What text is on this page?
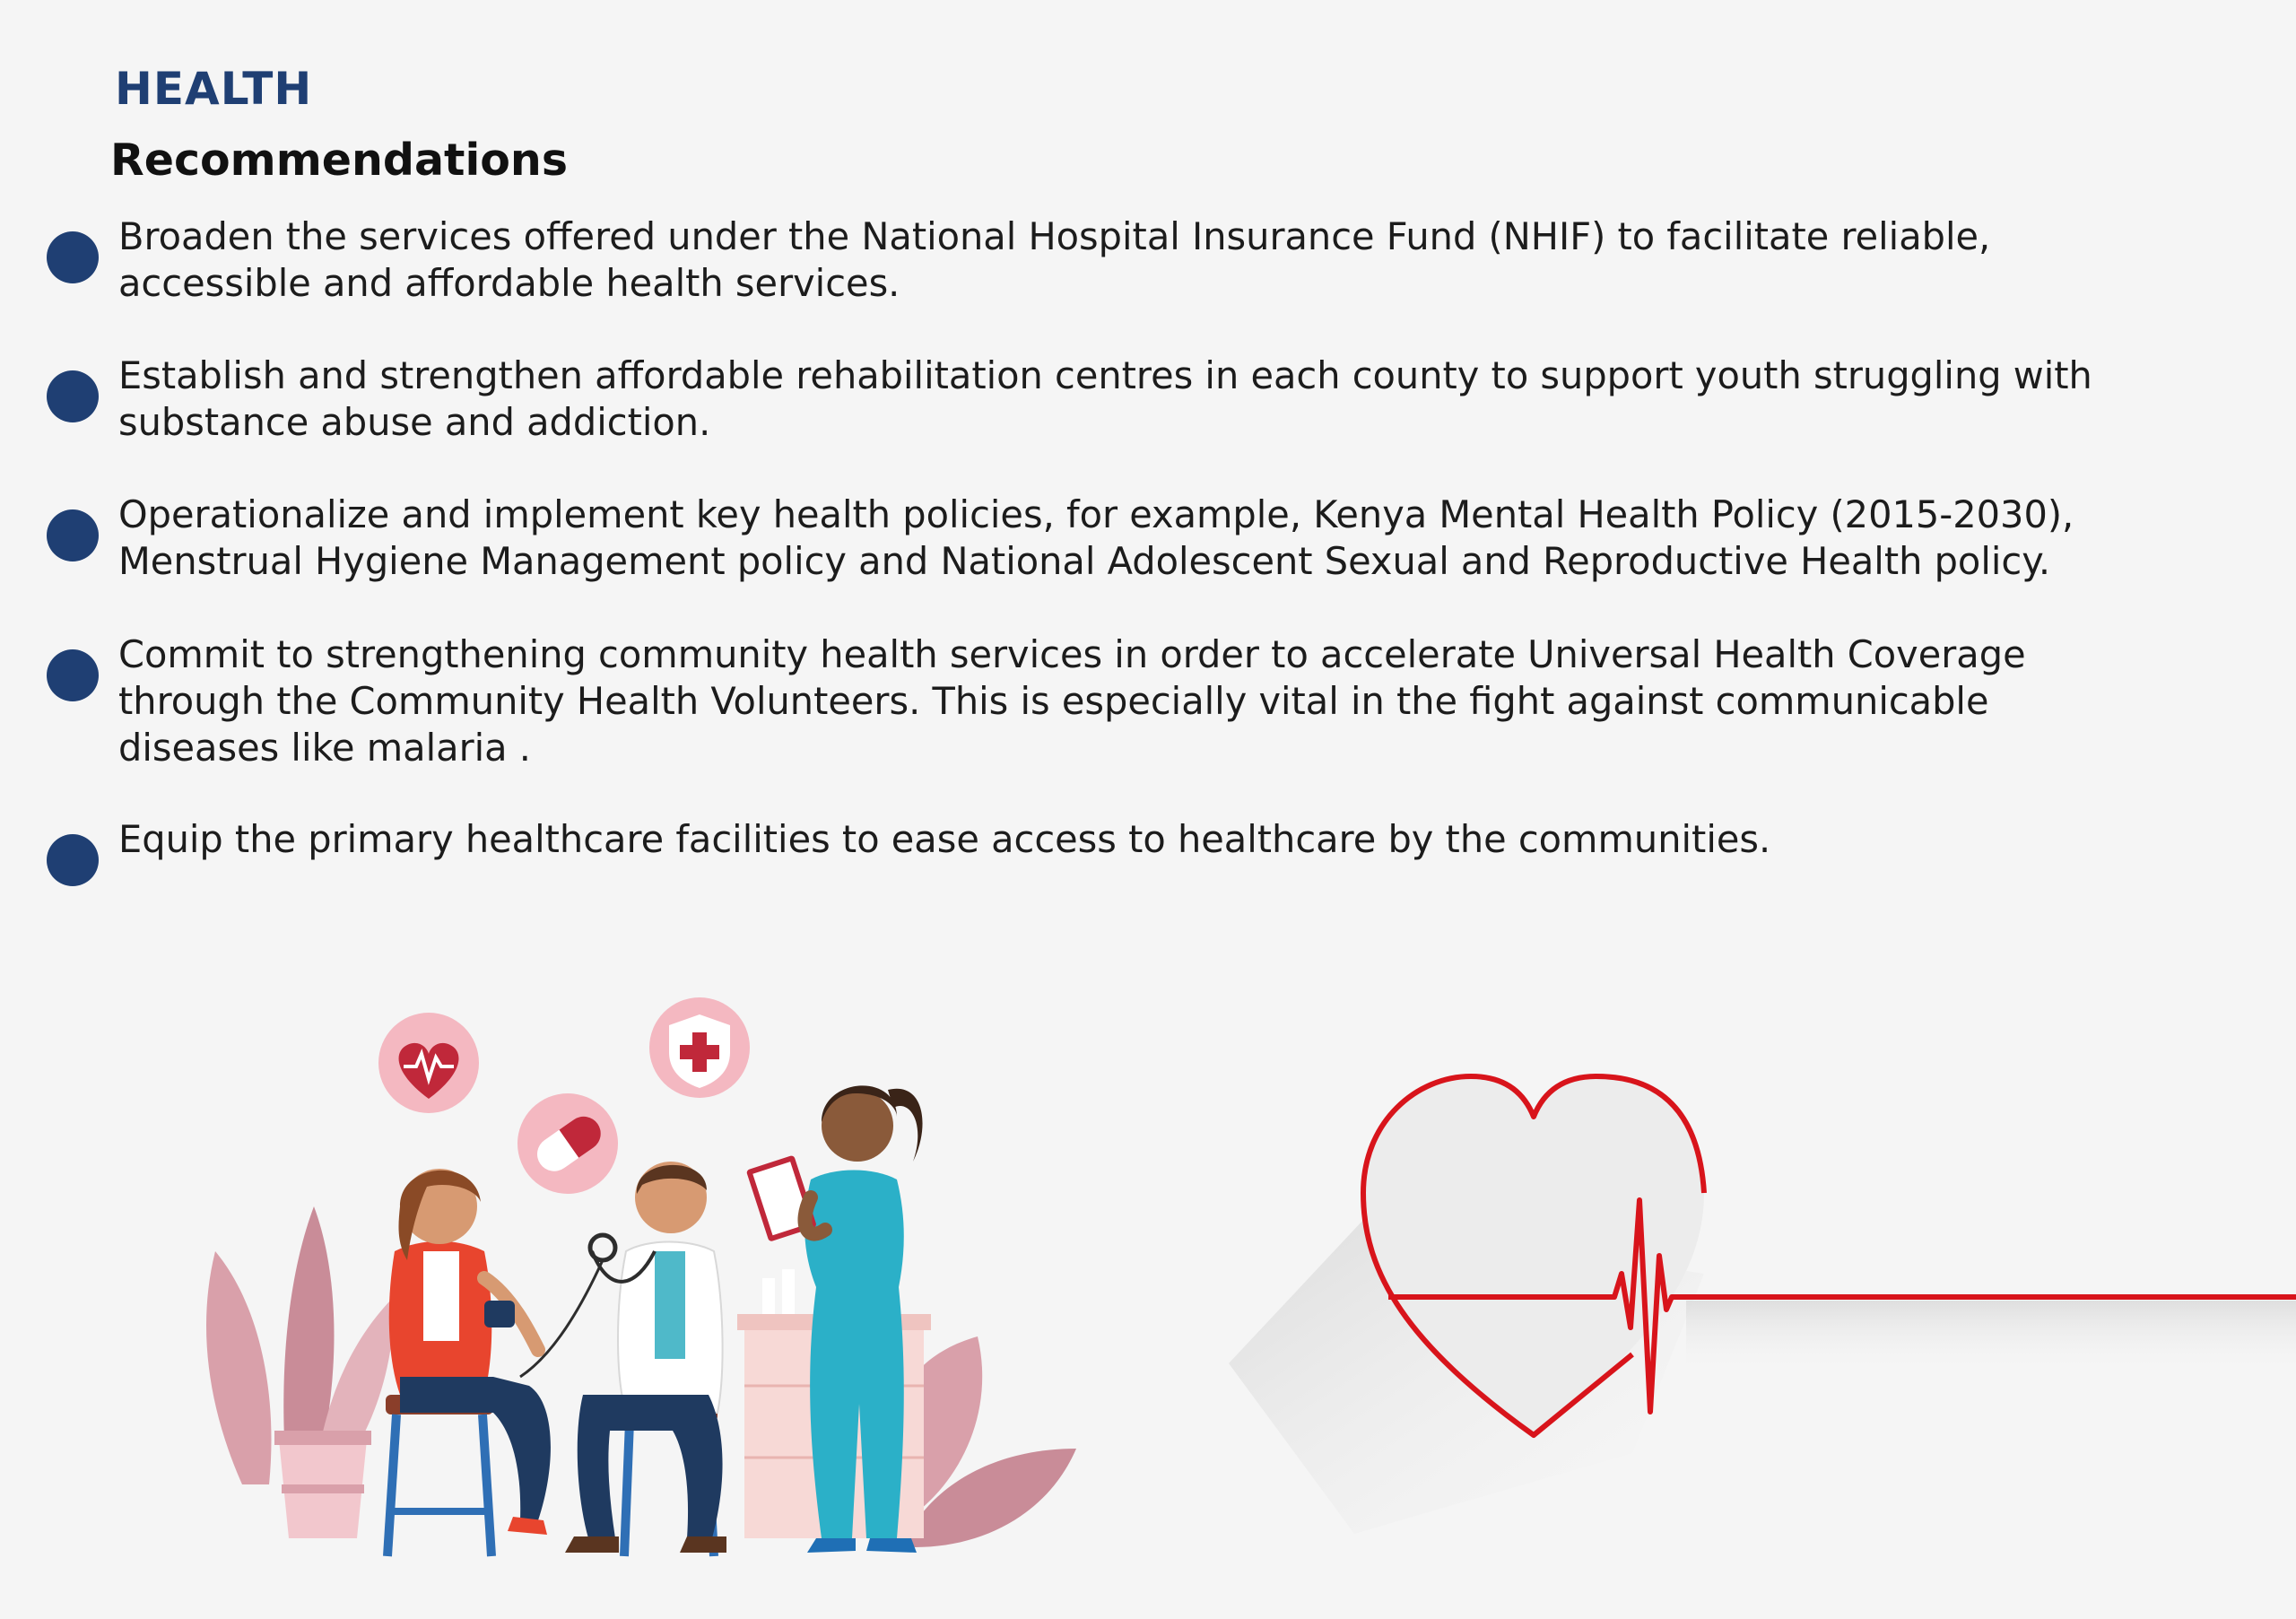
HEALTH
Recommendations
Broaden the services offered under the National Hospital Insurance Fund (NHIF) to facilitate reliable,
accessible and affordable health services.
Establish and strengthen affordable rehabilitation centres in each county to support youth struggling with
substance abuse and addiction.
Operationalize and implement key health policies, for example, Kenya Mental Health Policy (2015-2030),
Menstrual Hygiene Management policy and National Adolescent Sexual and Reproductive Health policy.
Commit to strengthening community health services in order to accelerate Universal Health Coverage
through the Community Health Volunteers. This is especially vital in the fight against communicable
diseases like malaria .
Equip the primary healthcare facilities to ease access to healthcare by the communities.
